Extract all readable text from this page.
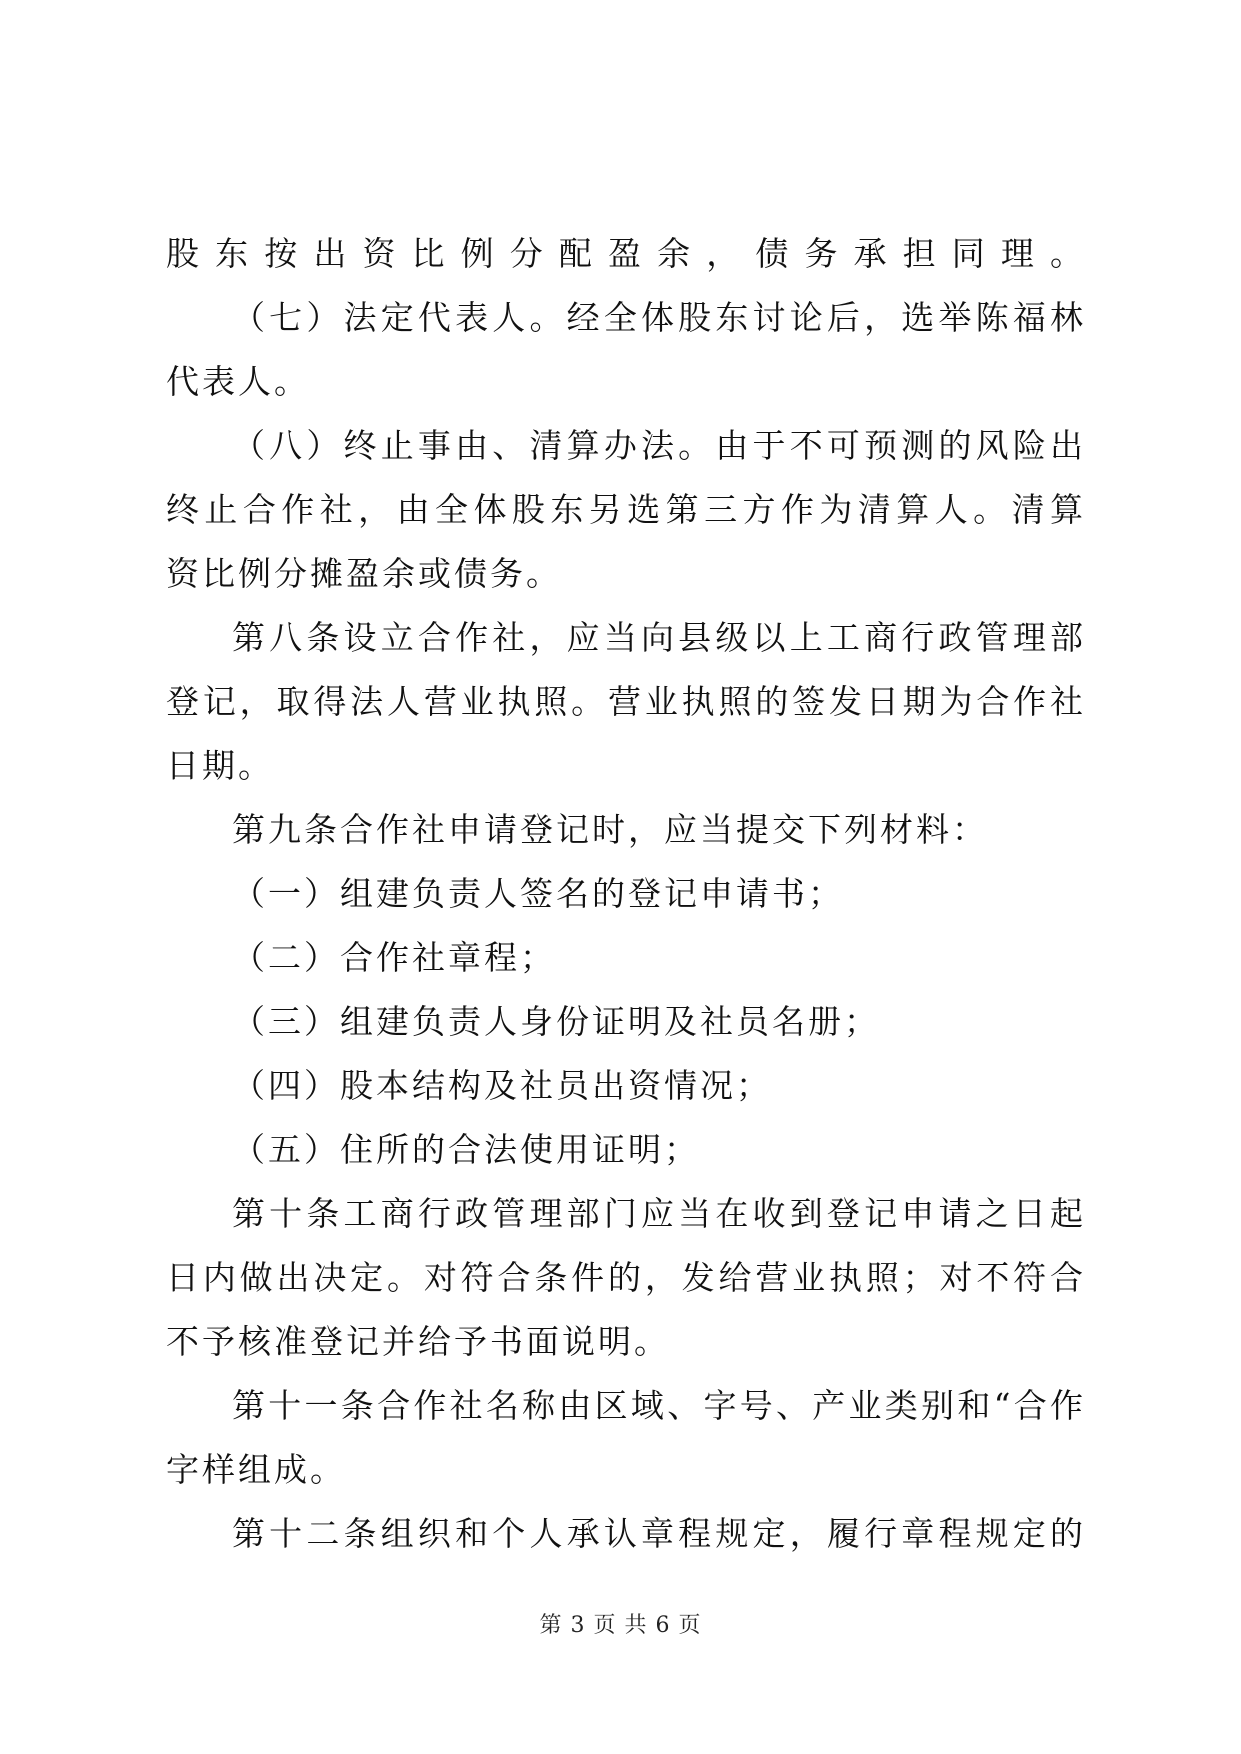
股东按出资比例分配盈余，债务承担同理。
（七）法定代表人。经全体股东讨论后，选举陈福林
代表人。
（八）终止事由、清算办法。由于不可预测的风险出
终止合作社，由全体股东另选第三方作为清算人。清算
资比例分摊盈余或债务。
第八条设立合作社，应当向县级以上工商行政管理部
登记，取得法人营业执照。营业执照的签发日期为合作社
日期。
第九条合作社申请登记时，应当提交下列材料：
（一）组建负责人签名的登记申请书；
（二）合作社章程；
（三）组建负责人身份证明及社员名册；
（四）股本结构及社员出资情况；
（五）住所的合法使用证明；
第十条工商行政管理部门应当在收到登记申请之日起
日内做出决定。对符合条件的，发给营业执照；对不符合
不予核准登记并给予书面说明。
第十一条合作社名称由区域、字号、产业类别和“合作
字样组成。
第十二条组织和个人承认章程规定，履行章程规定的
第 3 页 共 6 页
